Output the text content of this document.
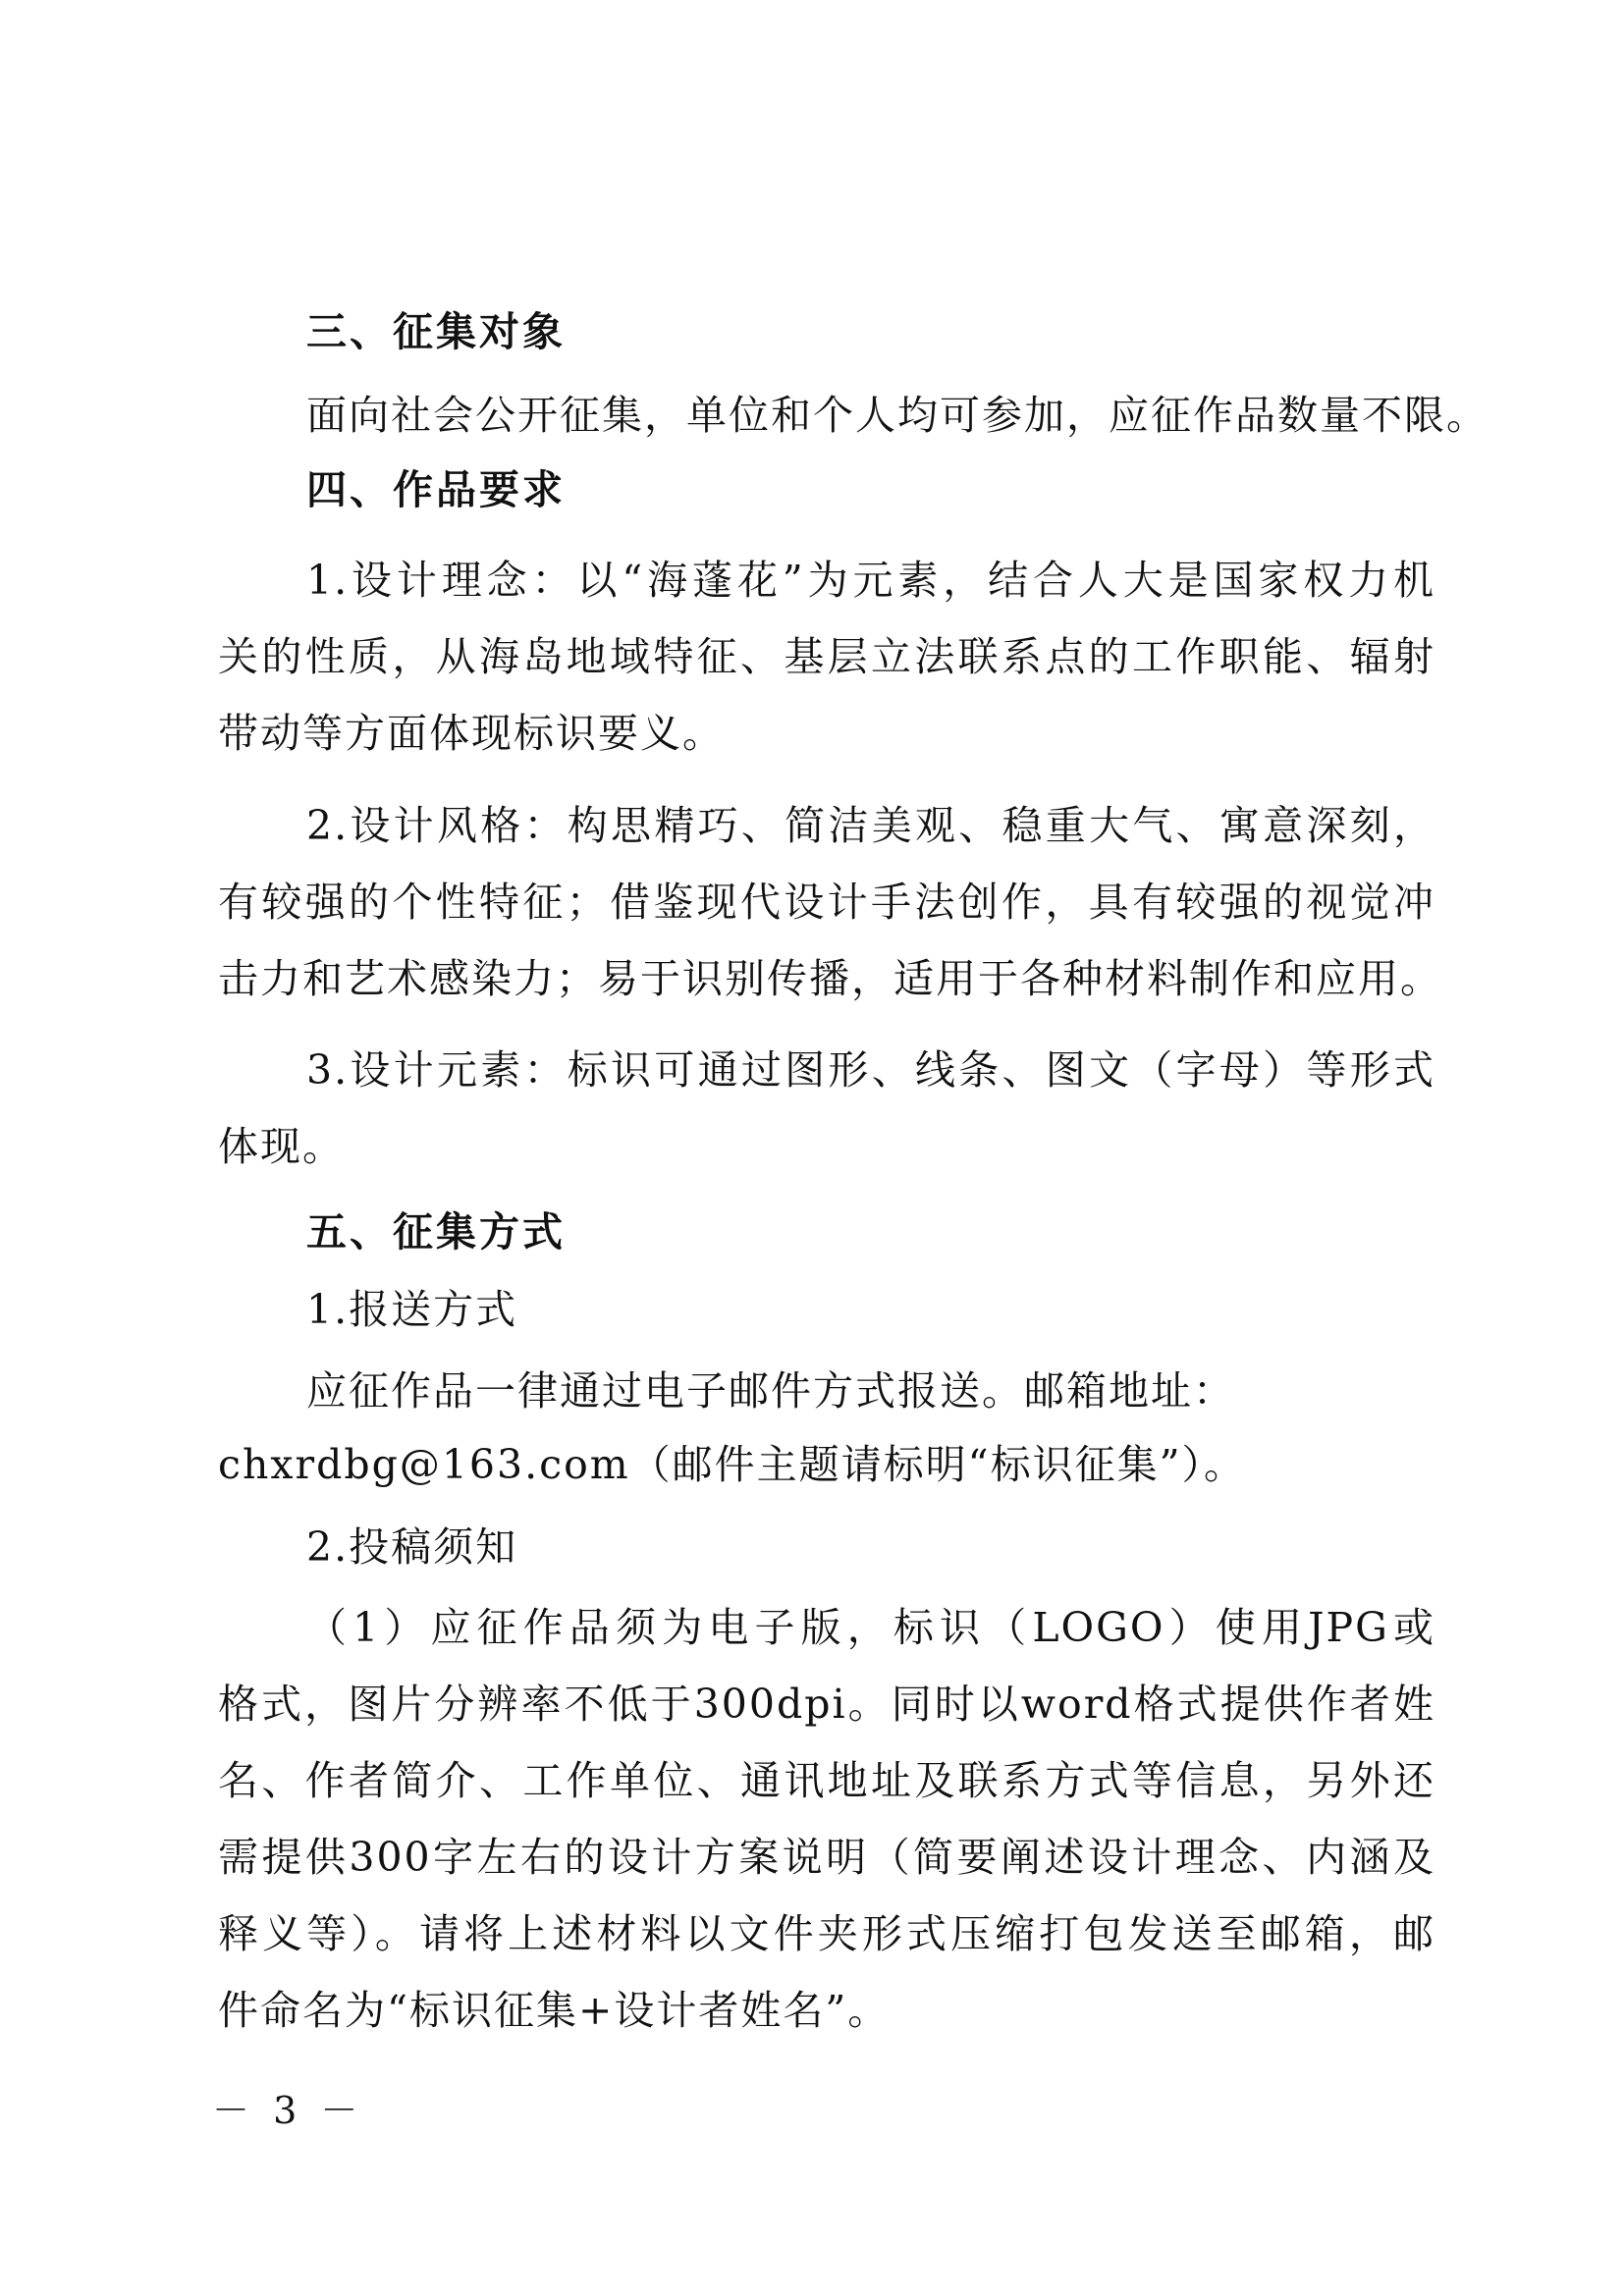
三、征集对象
面向社会公开征集，单位和个人均可参加，应征作品数量不限。
四、作品要求
1.设计理念：以“海蓬花”为元素，结合人大是国家权力机
关的性质，从海岛地域特征、基层立法联系点的工作职能、辐射
带动等方面体现标识要义。
2.设计风格：构思精巧、简洁美观、稳重大气、寓意深刻，
有较强的个性特征；借鉴现代设计手法创作，具有较强的视觉冲
击力和艺术感染力；易于识别传播，适用于各种材料制作和应用。
3.设计元素：标识可通过图形、线条、图文（字母）等形式
体现。
五、征集方式
1.报送方式
应征作品一律通过电子邮件方式报送。邮箱地址：
chxrdbg@163.com（邮件主题请标明“标识征集”）。
2.投稿须知
（1）应征作品须为电子版，标识（LOGO）使用JPG或
格式，图片分辨率不低于300dpi。同时以word格式提供作者姓
名、作者简介、工作单位、通讯地址及联系方式等信息，另外还
需提供300字左右的设计方案说明（简要阐述设计理念、内涵及
释义等）。请将上述材料以文件夹形式压缩打包发送至邮箱，邮
件命名为“标识征集+设计者姓名”。
－ 3 －
